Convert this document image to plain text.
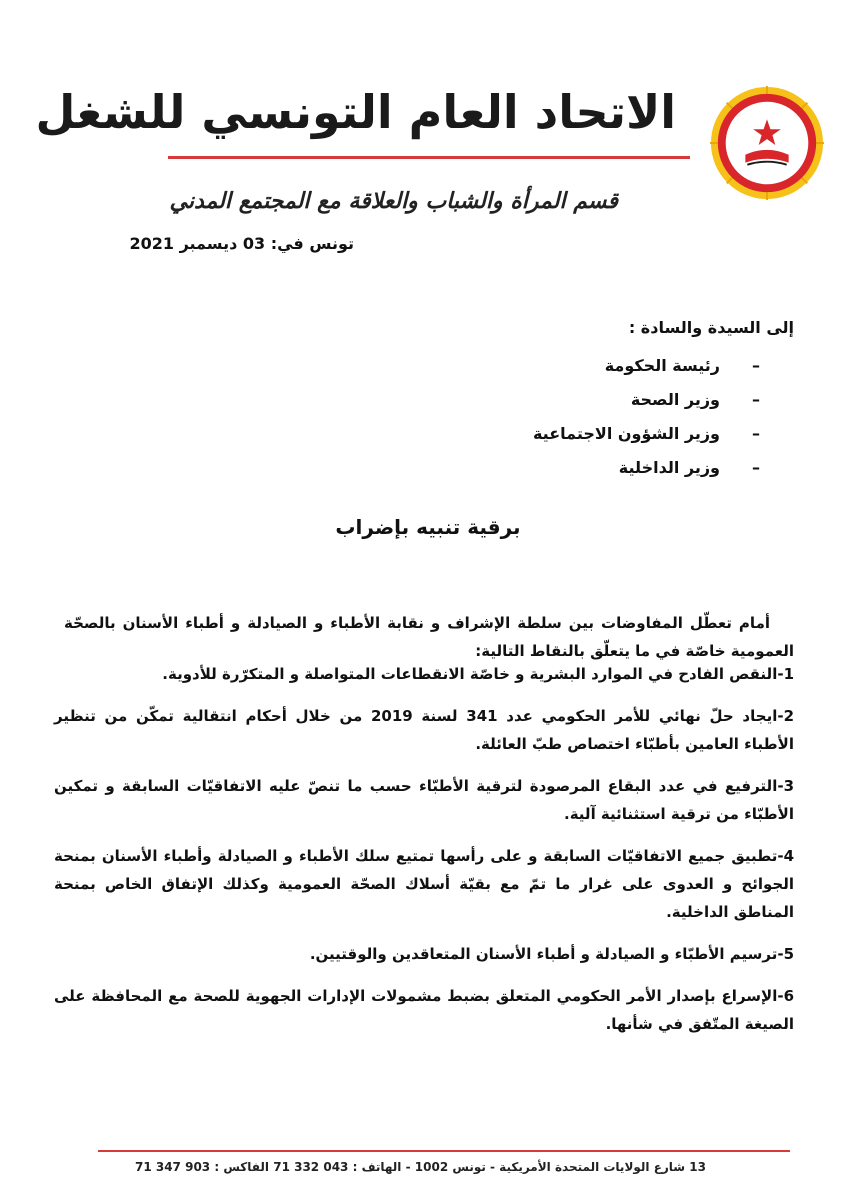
الاتحاد العام التونسي للشغل
قسم المرأة والشباب والعلاقة مع المجتمع المدني
تونس في: 03 ديسمبر 2021
إلى السيدة والسادة :
–رئيسة الحكومة
–وزير الصحة
–وزير الشؤون الاجتماعية
–وزير الداخلية
برقية تنبيه بإضراب

أمام تعطّل المفاوضات بين سلطة الإشراف و نقابة الأطباء و الصيادلة و أطباء الأسنان بالصحّة العمومية خاصّة في ما يتعلّق بالنقاط التالية:

1-النقص الفادح في الموارد البشرية و خاصّة الانقطاعات المتواصلة و المتكرّرة للأدوية.

2-ايجاد حلّ نهائي للأمر الحكومي عدد 341 لسنة 2019 من خلال أحكام انتقالية تمكّن من تنظير الأطباء العامين بأطبّاء اختصاص طبّ العائلة.

3-الترفيع في عدد البقاع المرصودة لترقية الأطبّاء حسب ما تنصّ عليه الاتفاقيّات السابقة و تمكين الأطبّاء من ترقية استثنائية آلية.

4-تطبيق جميع الاتفاقيّات السابقة و على رأسها تمتيع سلك الأطباء و الصيادلة وأطباء الأسنان بمنحة الجوائح و العدوى على غرار ما تمّ مع بقيّة أسلاك الصحّة العمومية وكذلك الإتفاق الخاص بمنحة المناطق الداخلية.

5-ترسيم الأطبّاء و الصيادلة و أطباء الأسنان المتعاقدين والوقتيين.

6-الإسراع بإصدار الأمر الحكومي المتعلق بضبط مشمولات الإدارات الجهوية للصحة مع المحافظة على الصيغة المتّفق في شأنها.

13 شارع الولايات المتحدة الأمريكية - تونس 1002 - الهاتف : 043 332 71 الفاكس : 903 347 71
